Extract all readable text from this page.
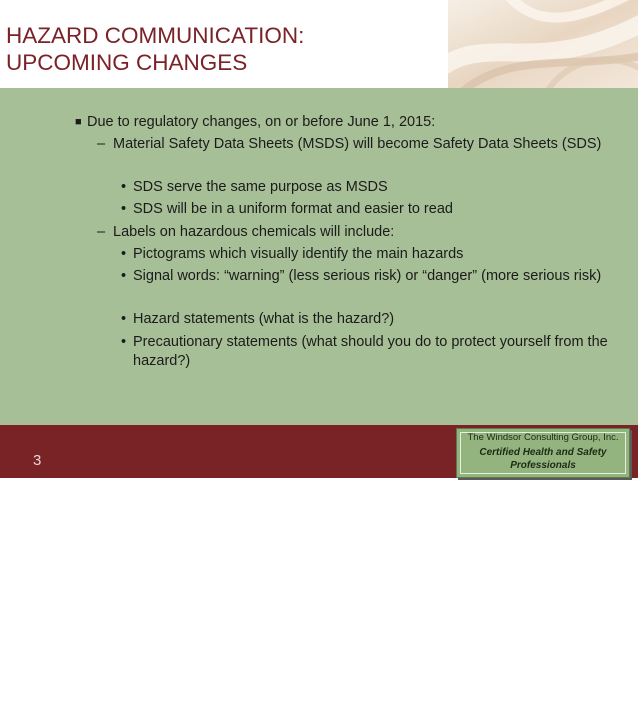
HAZARD COMMUNICATION:
UPCOMING CHANGES
■ Due to regulatory changes, on or before June 1, 2015:
– Material Safety Data Sheets (MSDS) will become Safety Data Sheets (SDS)
• SDS serve the same purpose as MSDS
• SDS will be in a uniform format and easier to read
– Labels on hazardous chemicals will include:
• Pictograms which visually identify the main hazards
• Signal words: “warning” (less serious risk) or “danger” (more serious risk)
• Hazard statements (what is the hazard?)
• Precautionary statements (what should you do to protect yourself from the hazard?)
3
The Windsor Consulting Group, Inc.
Certified Health and Safety Professionals
